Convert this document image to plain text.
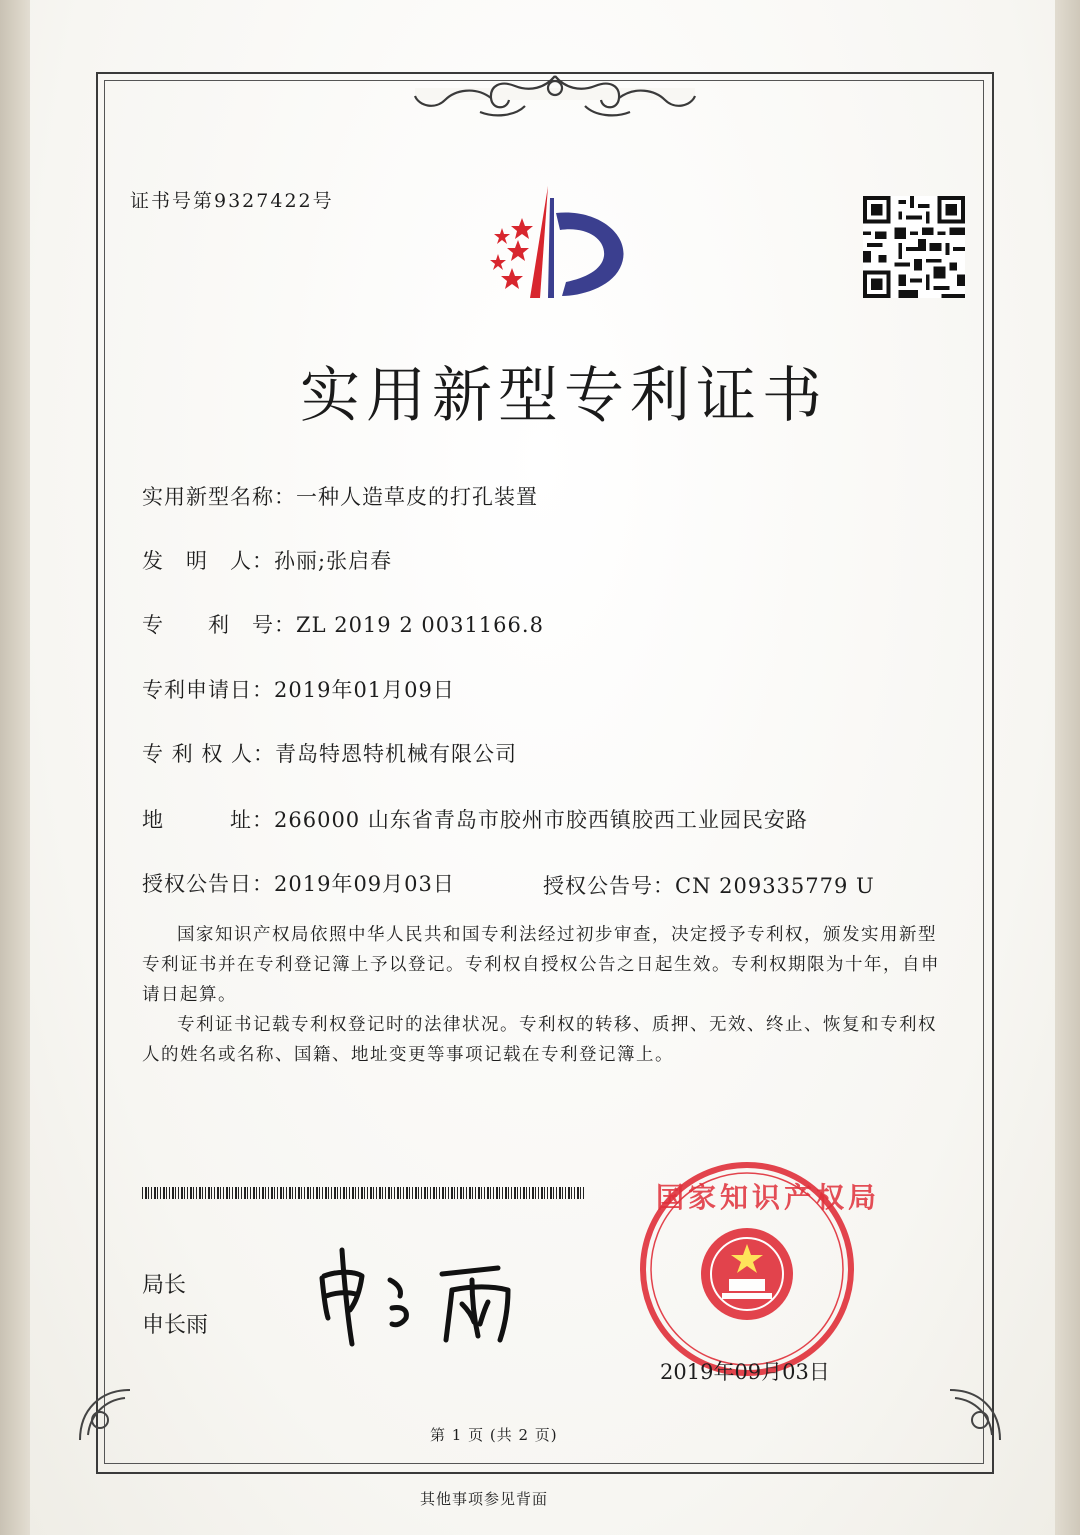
证书号第9327422号
实用新型专利证书
实用新型名称：一种人造草皮的打孔装置
发　明　人：孙丽;张启春
专　　利　号：ZL 2019 2 0031166.8
专利申请日：2019年01月09日
专 利 权 人：青岛特恩特机械有限公司
地　　　址：266000 山东省青岛市胶州市胶西镇胶西工业园民安路
授权公告日：2019年09月03日	授权公告号：CN 209335779 U

国家知识产权局依照中华人民共和国专利法经过初步审查，决定授予专利权，颁发实用新型专利证书并在专利登记簿上予以登记。专利权自授权公告之日起生效。专利权期限为十年，自申请日起算。

专利证书记载专利权登记时的法律状况。专利权的转移、质押、无效、终止、恢复和专利权人的姓名或名称、国籍、地址变更等事项记载在专利登记簿上。

局长
申长雨
国家知识产权局
2019年09月03日
第 1 页 (共 2 页)
其他事项参见背面
